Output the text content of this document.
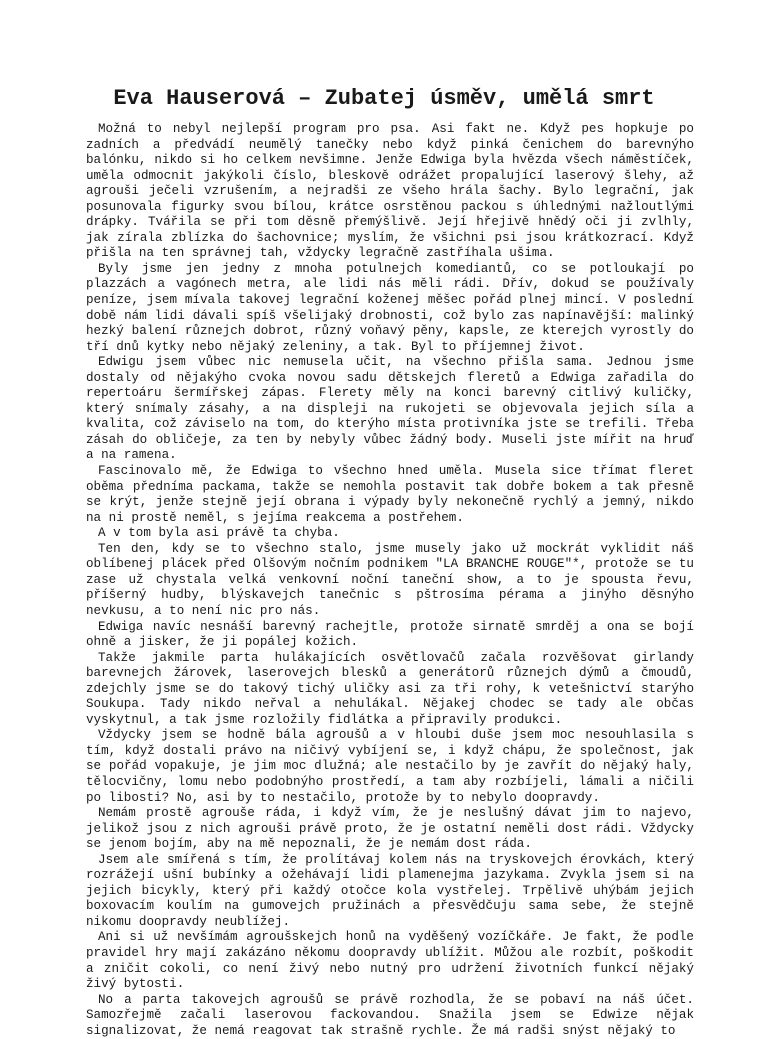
Eva Hauserová – Zubatej úsměv, umělá smrt

Možná to nebyl nejlepší program pro psa. Asi fakt ne. Když pes hopkuje po zadních a předvádí neumělý tanečky nebo když pinká čenichem do barevnýho balónku, nikdo si ho celkem nevšimne. Jenže Edwiga byla hvězda všech náměstíček, uměla odmocnit jakýkoli číslo, bleskově odrážet propalující laserový šlehy, až agrouši ječeli vzrušením, a nejradši ze všeho hrála šachy. Bylo legrační, jak posunovala figurky svou bílou, krátce osrstěnou packou s úhlednými nažloutlými drápky. Tvářila se při tom děsně přemýšlivě. Její hřejivě hnědý oči ji zvlhly, jak zírala zblízka do šachovnice; myslím, že všichni psi jsou krátkozrací. Když přišla na ten správnej tah, vždycky legračně zastříhala ušima.

Byly jsme jen jedny z mnoha potulnejch komediantů, co se potloukají po plazzách a vagónech metra, ale lidi nás měli rádi. Dřív, dokud se používaly peníze, jsem mívala takovej legrační koženej měšec pořád plnej mincí. V poslední době nám lidi dávali spíš všelijaký drobnosti, což bylo zas napínavější: malinký hezký balení různejch dobrot, různý voňavý pěny, kapsle, ze kterejch vyrostly do tří dnů kytky nebo nějaký zeleniny, a tak. Byl to příjemnej život.

Edwigu jsem vůbec nic nemusela učit, na všechno přišla sama. Jednou jsme dostaly od nějakýho cvoka novou sadu dětskejch fleretů a Edwiga zařadila do repertoáru šermířskej zápas. Flerety měly na konci barevný citlivý kuličky, který snímaly zásahy, a na displeji na rukojeti se objevovala jejich síla a kvalita, což záviselo na tom, do kterýho místa protivníka jste se trefili. Třeba zásah do obličeje, za ten by nebyly vůbec žádný body. Museli jste mířit na hruď a na ramena.

Fascinovalo mě, že Edwiga to všechno hned uměla. Musela sice třímat fleret oběma předníma packama, takže se nemohla postavit tak dobře bokem a tak přesně se krýt, jenže stejně její obrana i výpady byly nekonečně rychlý a jemný, nikdo na ni prostě neměl, s jejíma reakcema a postřehem.

A v tom byla asi právě ta chyba.

Ten den, kdy se to všechno stalo, jsme musely jako už mockrát vyklidit náš oblíbenej plácek před Olšovým nočním podnikem "LA BRANCHE ROUGE"*, protože se tu zase už chystala velká venkovní noční taneční show, a to je spousta řevu, příšerný hudby, blýskavejch tanečnic s pštrosíma pérama a jinýho děsnýho nevkusu, a to není nic pro nás.

Edwiga navíc nesnáší barevný rachejtle, protože sirnatě smrděj a ona se bojí ohně a jisker, že ji popálej kožich.

Takže jakmile parta hulákajících osvětlovačů začala rozvěšovat girlandy barevnejch žárovek, laserovejch blesků a generátorů různejch dýmů a čmoudů, zdejchly jsme se do takový tichý uličky asi za tři rohy, k vetešnictví starýho Soukupa. Tady nikdo neřval a nehulákal. Nějakej chodec se tady ale občas vyskytnul, a tak jsme rozložily fidlátka a připravily produkci.

Vždycky jsem se hodně bála agroušů a v hloubi duše jsem moc nesouhlasila s tím, když dostali právo na ničivý vybíjení se, i když chápu, že společnost, jak se pořád vopakuje, je jim moc dlužná; ale nestačilo by je zavřít do nějaký haly, tělocvičny, lomu nebo podobnýho prostředí, a tam aby rozbíjeli, lámali a ničili po libosti? No, asi by to nestačilo, protože by to nebylo doopravdy.

Nemám prostě agrouše ráda, i když vím, že je neslušný dávat jim to najevo, jelikož jsou z nich agrouši právě proto, že je ostatní neměli dost rádi. Vždycky se jenom bojím, aby na mě nepoznali, že je nemám dost ráda.

Jsem ale smířená s tím, že prolítávaj kolem nás na tryskovejch érovkách, který rozrážejí ušní bubínky a ožehávají lidi plamenejma jazykama. Zvykla jsem si na jejich bicykly, který při každý otočce kola vystřelej. Trpělivě uhýbám jejich boxovacím koulím na gumovejch pružinách a přesvědčuju sama sebe, že stejně nikomu doopravdy neublížej.

Ani si už nevšímám agroušskejch honů na vyděšený vozíčkáře. Je fakt, že podle pravidel hry mají zakázáno někomu doopravdy ublížit. Můžou ale rozbít, poškodit a zničit cokoli, co není živý nebo nutný pro udržení životních funkcí nějaký živý bytosti.

No a parta takovejch agroušů se právě rozhodla, že se pobaví na náš účet. Samozřejmě začali laserovou fackovandou. Snažila jsem se Edwize nějak signalizovat, že nemá reagovat tak strašně rychle. Že má radši snýst nějaký to
